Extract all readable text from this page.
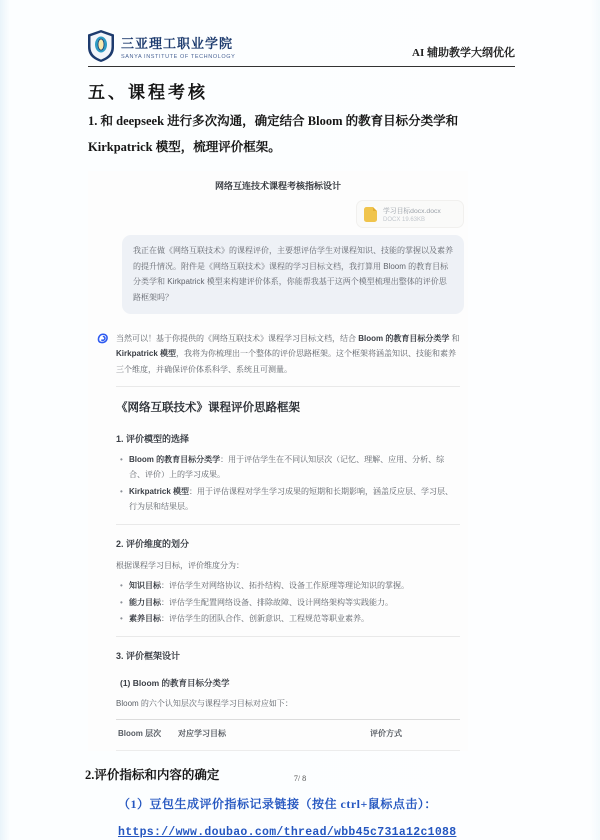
三亚理工职业学院
SANYA INSTITUTE OF TECHNOLOGY	AI 辅助教学大纲优化
五、课程考核

1. 和 deepseek 进行多次沟通，确定结合 Bloom 的教育目标分类学和 Kirkpatrick 模型，梳理评价框架。

网络互连技术课程考核指标设计
学习目标docx.docx
DOCX 19.63KB
我正在做《网络互联技术》的课程评价，主要想评估学生对课程知识、技能的掌握以及素养的提升情况。附件是《网络互联技术》课程的学习目标文档，我打算用 Bloom 的教育目标分类学和 Kirkpatrick 模型来构建评价体系，你能帮我基于这两个模型梳理出整体的评价思路框架吗？
当然可以！基于你提供的《网络互联技术》课程学习目标文档，结合 Bloom 的教育目标分类学 和 Kirkpatrick 模型，我将为你梳理出一个整体的评价思路框架。这个框架将涵盖知识、技能和素养三个维度，并确保评价体系科学、系统且可测量。
《网络互联技术》课程评价思路框架
1. 评价模型的选择
• Bloom 的教育目标分类学：用于评估学生在不同认知层次（记忆、理解、应用、分析、综合、评价）上的学习成果。
• Kirkpatrick 模型：用于评估课程对学生学习成果的短期和长期影响，涵盖反应层、学习层、行为层和结果层。
2. 评价维度的划分
根据课程学习目标，评价维度分为：
• 知识目标：评估学生对网络协议、拓扑结构、设备工作原理等理论知识的掌握。
• 能力目标：评估学生配置网络设备、排除故障、设计网络架构等实践能力。
• 素养目标：评估学生的团队合作、创新意识、工程规范等职业素养。
3. 评价框架设计
(1) Bloom 的教育目标分类学
Bloom 的六个认知层次与课程学习目标对应如下：
Bloom 层次	对应学习目标	评价方式
2.评价指标和内容的确定
（1）豆包生成评价指标记录链接（按住 ctrl+鼠标点击）：
https://www.doubao.com/thread/wbb45c731a12c1088
7/ 8
